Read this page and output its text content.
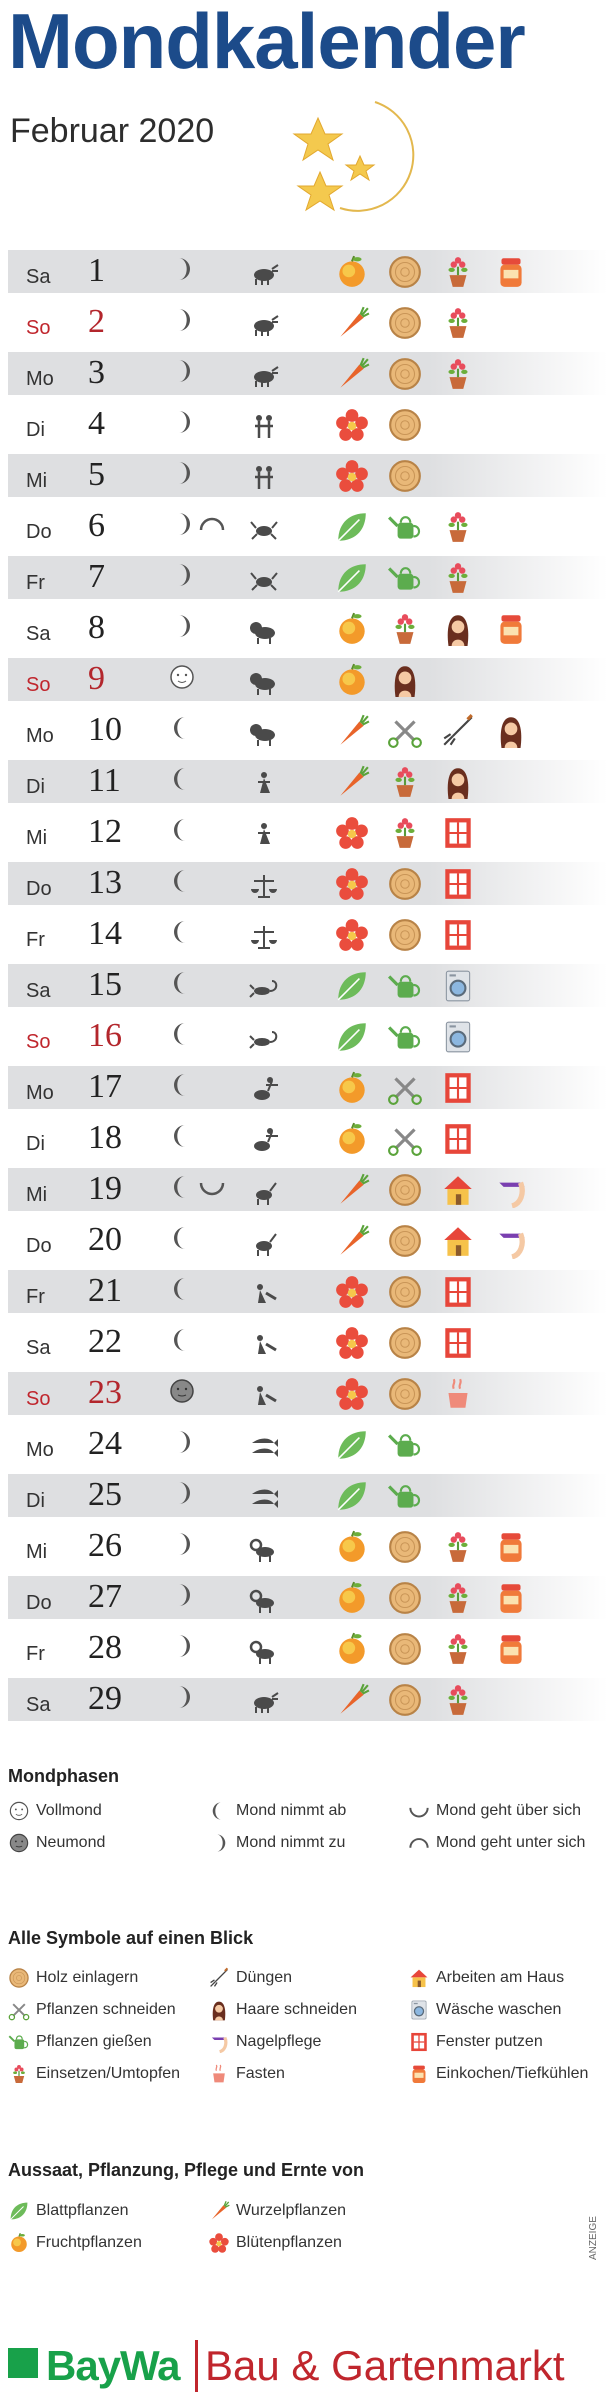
Mondkalender
Februar 2020
Sa 1
So 2
Mo 3
Di 4
Mi 5
Do 6
Fr 7
Sa 8
So 9
Mo 10
Di 11
Mi 12
Do 13
Fr 14
Sa 15
So 16
Mo 17
Di 18
Mi 19
Do 20
Fr 21
Sa 22
So 23
Mo 24
Di 25
Mi 26
Do 27
Fr 28
Sa 29
Mondphasen
Vollmond	Mond nimmt ab	Mond geht über sich
Neumond	Mond nimmt zu	Mond geht unter sich
Alle Symbole auf einen Blick
Holz einlagern	Düngen	Arbeiten am Haus
Pflanzen schneiden	Haare schneiden	Wäsche waschen
Pflanzen gießen	Nagelpflege	Fenster putzen
Einsetzen/Umtopfen	Fasten	Einkochen/Tiefkühlen
Aussaat, Pflanzung, Pflege und Ernte von
Blattpflanzen	Wurzelpflanzen
Fruchtpflanzen	Blütenpflanzen	ANZEIGE
BayWa Bau & Gartenmarkt
